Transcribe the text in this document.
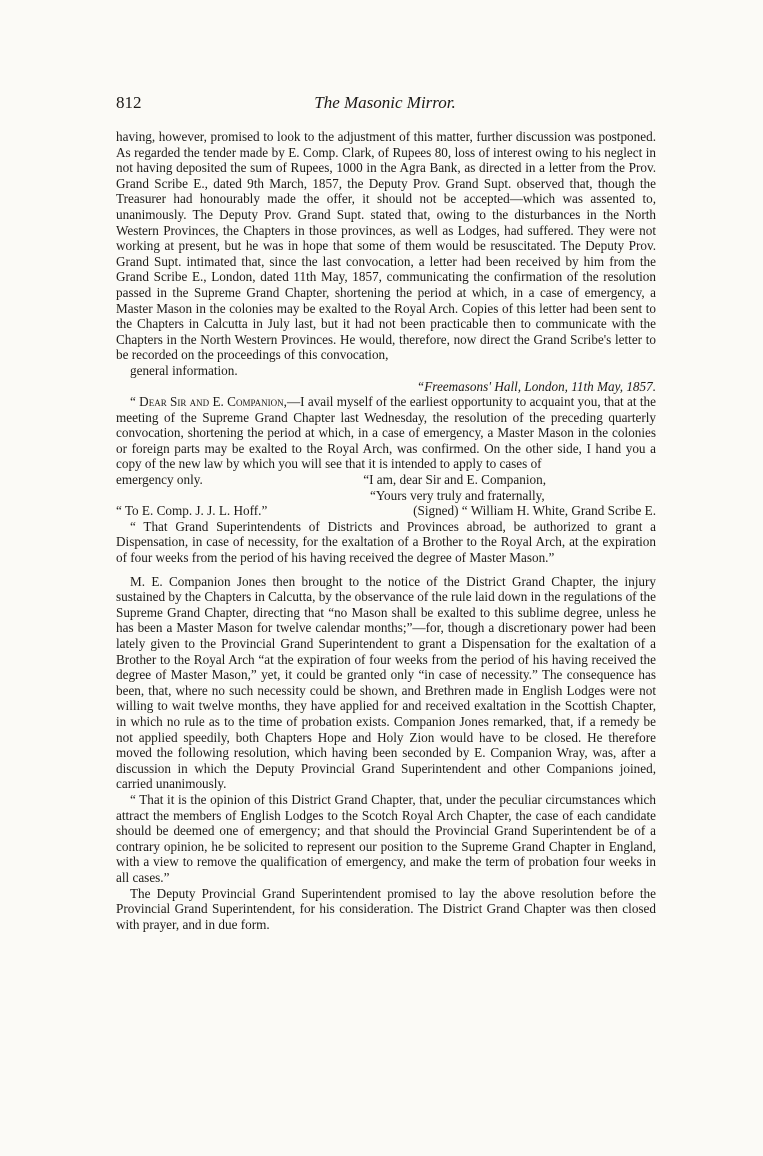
812	The Masonic Mirror.

having, however, promised to look to the adjustment of this matter, further discussion was postponed. As regarded the tender made by E. Comp. Clark, of Rupees 80, loss of interest owing to his neglect in not having deposited the sum of Rupees, 1000 in the Agra Bank, as directed in a letter from the Prov. Grand Scribe E., dated 9th March, 1857, the Deputy Prov. Grand Supt. observed that, though the Treasurer had honourably made the offer, it should not be accepted—which was assented to, unanimously. The Deputy Prov. Grand Supt. stated that, owing to the disturbances in the North Western Provinces, the Chapters in those provinces, as well as Lodges, had suffered. They were not working at present, but he was in hope that some of them would be resuscitated. The Deputy Prov. Grand Supt. intimated that, since the last convocation, a letter had been received by him from the Grand Scribe E., London, dated 11th May, 1857, communicating the confirmation of the resolution passed in the Supreme Grand Chapter, shortening the period at which, in a case of emergency, a Master Mason in the colonies may be exalted to the Royal Arch. Copies of this letter had been sent to the Chapters in Calcutta in July last, but it had not been practicable then to communicate with the Chapters in the North Western Provinces. He would, therefore, now direct the Grand Scribe's letter to be recorded on the proceedings of this convocation,

general information.

“Freemasons' Hall, London, 11th May, 1857.

“ Dear Sir and E. Companion,—I avail myself of the earliest opportunity to acquaint you, that at the meeting of the Supreme Grand Chapter last Wednesday, the resolution of the preceding quarterly convocation, shortening the period at which, in a case of emergency, a Master Mason in the colonies or foreign parts may be exalted to the Royal Arch, was confirmed. On the other side, I hand you a copy of the new law by which you will see that it is intended to apply to cases of

emergency only.	“I am, dear Sir and E. Companion,

“Yours very truly and fraternally,

“ To E. Comp. J. J. L. Hoff.”	(Signed) “ William H. White, Grand Scribe E.

“ That Grand Superintendents of Districts and Provinces abroad, be authorized to grant a Dispensation, in case of necessity, for the exaltation of a Brother to the Royal Arch, at the expiration of four weeks from the period of his having received the degree of Master Mason.”

M. E. Companion Jones then brought to the notice of the District Grand Chapter, the injury sustained by the Chapters in Calcutta, by the observance of the rule laid down in the regulations of the Supreme Grand Chapter, directing that “no Mason shall be exalted to this sublime degree, unless he has been a Master Mason for twelve calendar months;”—for, though a discretionary power had been lately given to the Provincial Grand Superintendent to grant a Dispensation for the exaltation of a Brother to the Royal Arch “at the expiration of four weeks from the period of his having received the degree of Master Mason,” yet, it could be granted only “in case of necessity.” The consequence has been, that, where no such necessity could be shown, and Brethren made in English Lodges were not willing to wait twelve months, they have applied for and received exaltation in the Scottish Chapter, in which no rule as to the time of probation exists. Companion Jones remarked, that, if a remedy be not applied speedily, both Chapters Hope and Holy Zion would have to be closed. He therefore moved the following resolution, which having been seconded by E. Companion Wray, was, after a discussion in which the Deputy Provincial Grand Superintendent and other Companions joined, carried unanimously.

“ That it is the opinion of this District Grand Chapter, that, under the peculiar circumstances which attract the members of English Lodges to the Scotch Royal Arch Chapter, the case of each candidate should be deemed one of emergency; and that should the Provincial Grand Superintendent be of a contrary opinion, he be solicited to represent our position to the Supreme Grand Chapter in England, with a view to remove the qualification of emergency, and make the term of probation four weeks in all cases.”

The Deputy Provincial Grand Superintendent promised to lay the above resolution before the Provincial Grand Superintendent, for his consideration. The District Grand Chapter was then closed with prayer, and in due form.
